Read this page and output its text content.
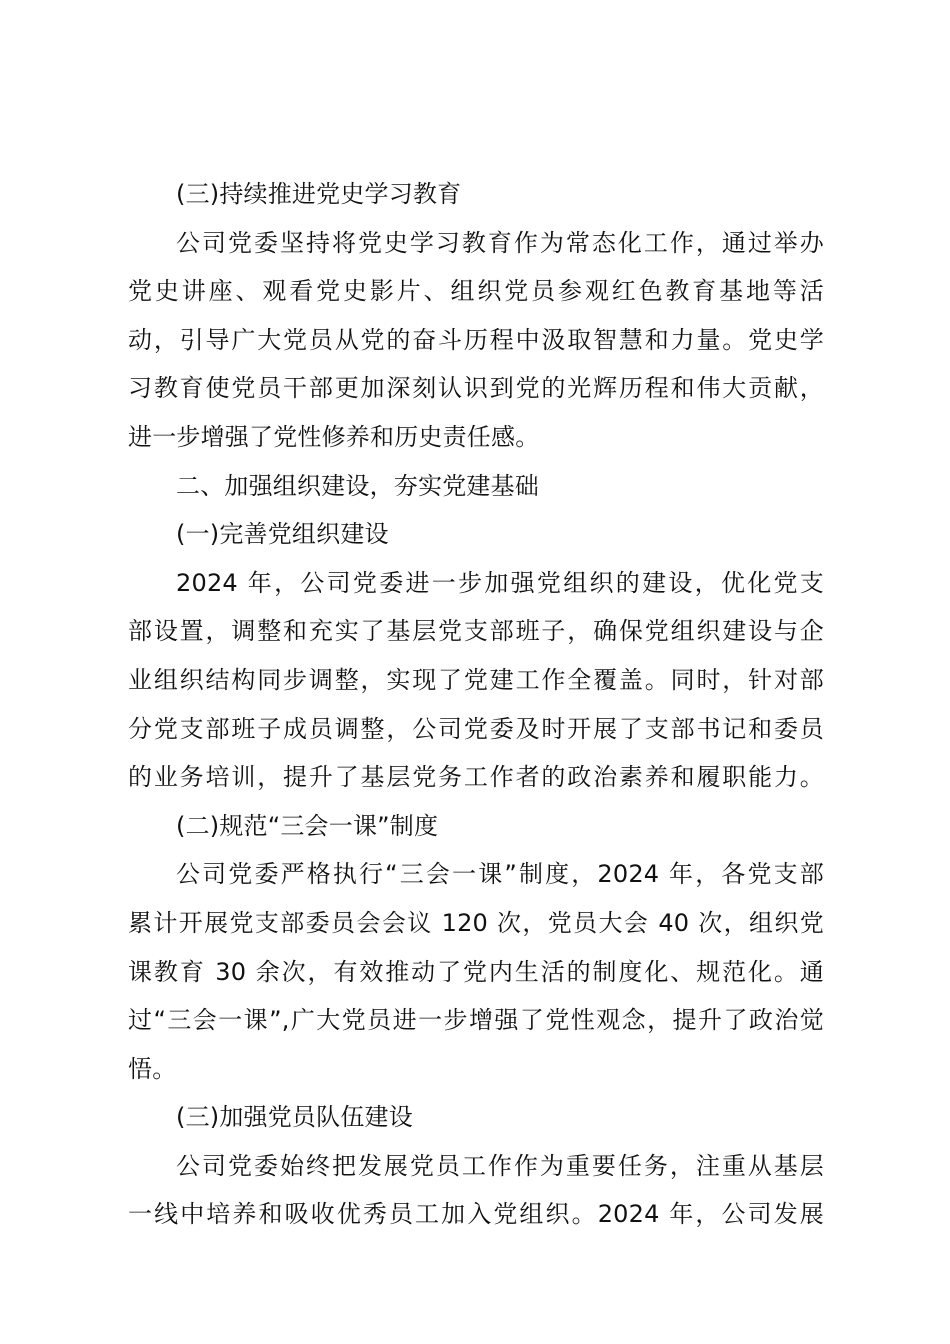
(三)持续推进党史学习教育
公司党委坚持将党史学习教育作为常态化工作，通过举办
党史讲座、观看党史影片、组织党员参观红色教育基地等活
动，引导广大党员从党的奋斗历程中汲取智慧和力量。党史学
习教育使党员干部更加深刻认识到党的光辉历程和伟大贡献，
进一步增强了党性修养和历史责任感。
二、加强组织建设，夯实党建基础
(一)完善党组织建设
2024 年，公司党委进一步加强党组织的建设，优化党支
部设置，调整和充实了基层党支部班子，确保党组织建设与企
业组织结构同步调整，实现了党建工作全覆盖。同时，针对部
分党支部班子成员调整，公司党委及时开展了支部书记和委员
的业务培训，提升了基层党务工作者的政治素养和履职能力。
(二)规范“三会一课”制度
公司党委严格执行“三会一课”制度，2024 年，各党支部
累计开展党支部委员会会议 120 次，党员大会 40 次，组织党
课教育 30 余次，有效推动了党内生活的制度化、规范化。通
过“三会一课”,广大党员进一步增强了党性观念，提升了政治觉
悟。
(三)加强党员队伍建设
公司党委始终把发展党员工作作为重要任务，注重从基层
一线中培养和吸收优秀员工加入党组织。2024 年，公司发展
